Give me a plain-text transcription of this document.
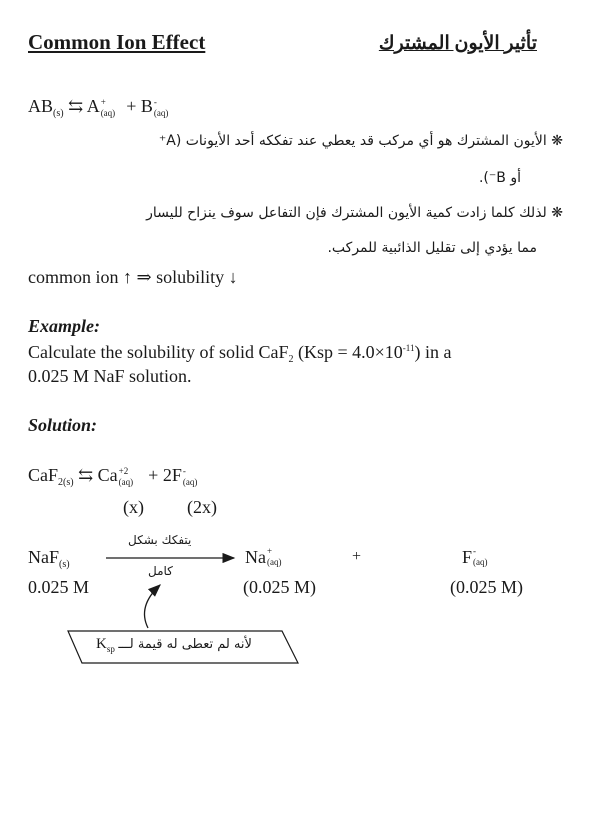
Common Ion Effect	تأثير الأيون المشترك
$AB_{(s)}$ ⇆ A +
(aq) + B -
(aq)
❋ الأيون المشترك هو أي مركب قد يعطي عند تفككه أحد الأيونات (A⁺
أو B⁻).
❋ لذلك كلما زادت كمية الأيون المشترك فإن التفاعل سوف ينزاح لليسار
مما يؤدي إلى تقليل الذائبية للمركب.
common ion ↑ ⇒ solubility ↓
Example:
Calculate the solubility of solid CaF$_2$ $(Ksp = 4.0\times 10^{-11})$ in a
0.025 M NaF solution.
Solution:
CaF$_{2(s)}$ ⇆ Ca +2
(aq) + 2F -
(aq)
(x) (2x)
NaF$_{(s)}$
يتفكك بشكل
كامل
Na +
(aq)	+	F -
(aq)
0.025 M	(0.025 M)	(0.025 M)
$K_{sp}$ لأنه لم تعطى له قيمة لـــ
